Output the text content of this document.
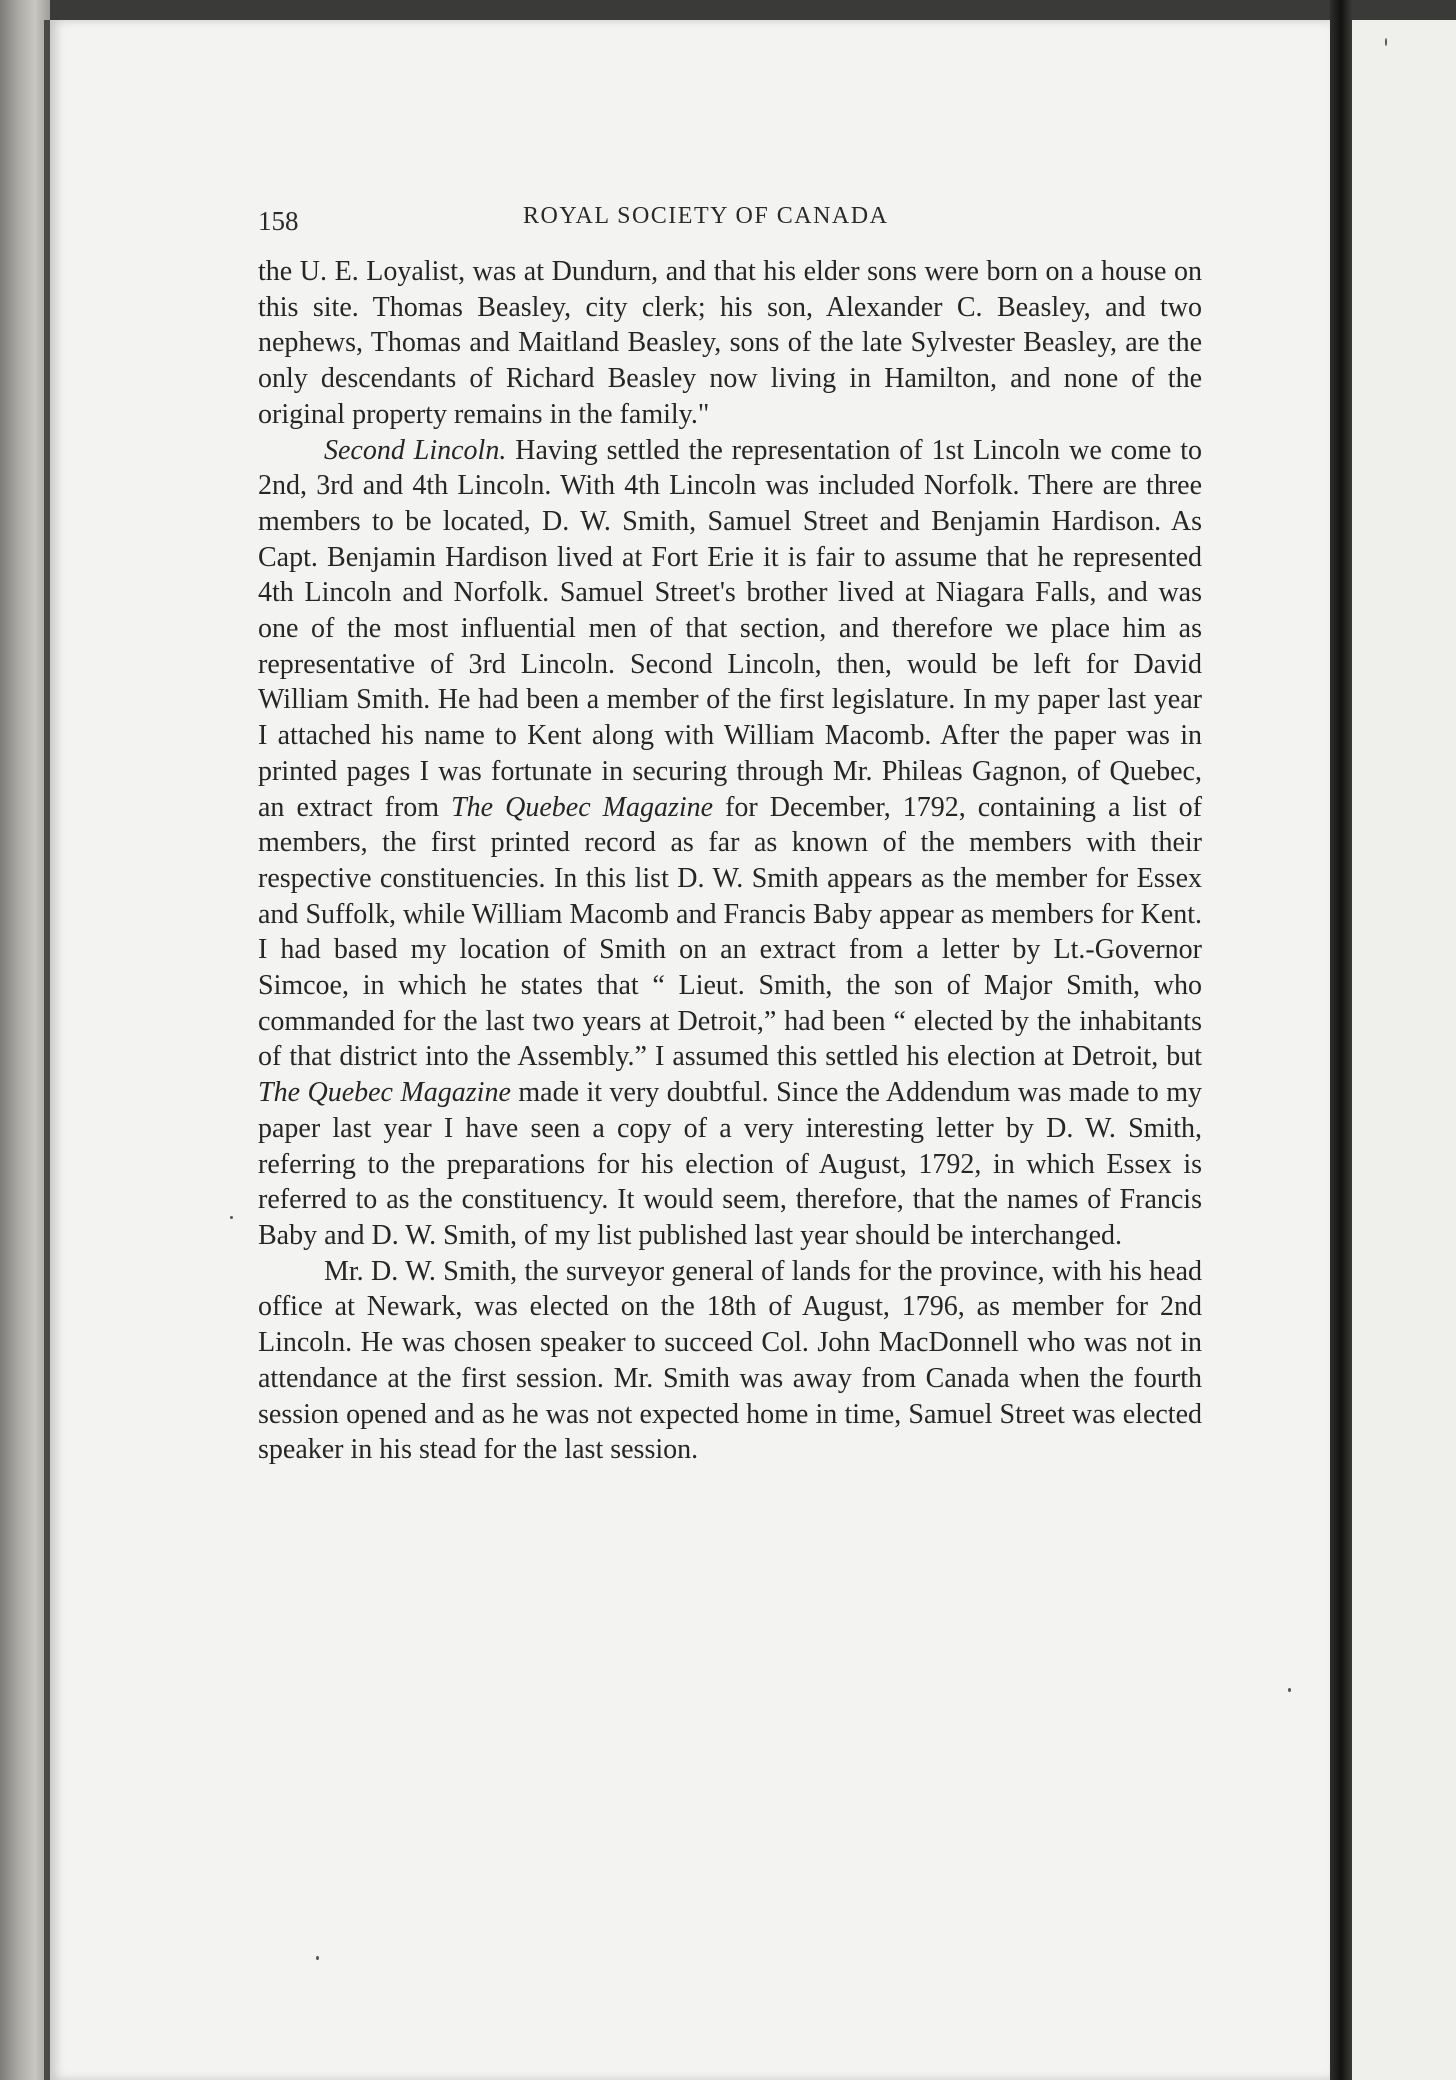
158	ROYAL SOCIETY OF CANADA

the U. E. Loyalist, was at Dundurn, and that his elder sons were born on a house on this site. Thomas Beasley, city clerk; his son, Alexander C. Beasley, and two nephews, Thomas and Maitland Beasley, sons of the late Sylvester Beasley, are the only descendants of Richard Beasley now living in Hamilton, and none of the original property remains in the family."

Second Lincoln. Having settled the representation of 1st Lincoln we come to 2nd, 3rd and 4th Lincoln. With 4th Lincoln was included Norfolk. There are three members to be located, D. W. Smith, Samuel Street and Benjamin Hardison. As Capt. Benjamin Hardison lived at Fort Erie it is fair to assume that he represented 4th Lincoln and Norfolk. Samuel Street's brother lived at Niagara Falls, and was one of the most influential men of that section, and therefore we place him as representative of 3rd Lincoln. Second Lincoln, then, would be left for David William Smith. He had been a member of the first legislature. In my paper last year I attached his name to Kent along with William Macomb. After the paper was in printed pages I was fortunate in securing through Mr. Phileas Gagnon, of Quebec, an extract from The Quebec Magazine for December, 1792, containing a list of members, the first printed record as far as known of the members with their respective constituencies. In this list D. W. Smith appears as the member for Essex and Suffolk, while William Macomb and Francis Baby appear as members for Kent. I had based my location of Smith on an extract from a letter by Lt.-Governor Simcoe, in which he states that “ Lieut. Smith, the son of Major Smith, who commanded for the last two years at Detroit,” had been “ elected by the inhabitants of that district into the Assembly.” I assumed this settled his election at Detroit, but The Quebec Magazine made it very doubtful. Since the Addendum was made to my paper last year I have seen a copy of a very interesting letter by D. W. Smith, referring to the preparations for his election of August, 1792, in which Essex is referred to as the constituency. It would seem, therefore, that the names of Francis Baby and D. W. Smith, of my list published last year should be interchanged.

Mr. D. W. Smith, the surveyor general of lands for the province, with his head office at Newark, was elected on the 18th of August, 1796, as member for 2nd Lincoln. He was chosen speaker to succeed Col. John MacDonnell who was not in attendance at the first session. Mr. Smith was away from Canada when the fourth session opened and as he was not expected home in time, Samuel Street was elected speaker in his stead for the last session.
